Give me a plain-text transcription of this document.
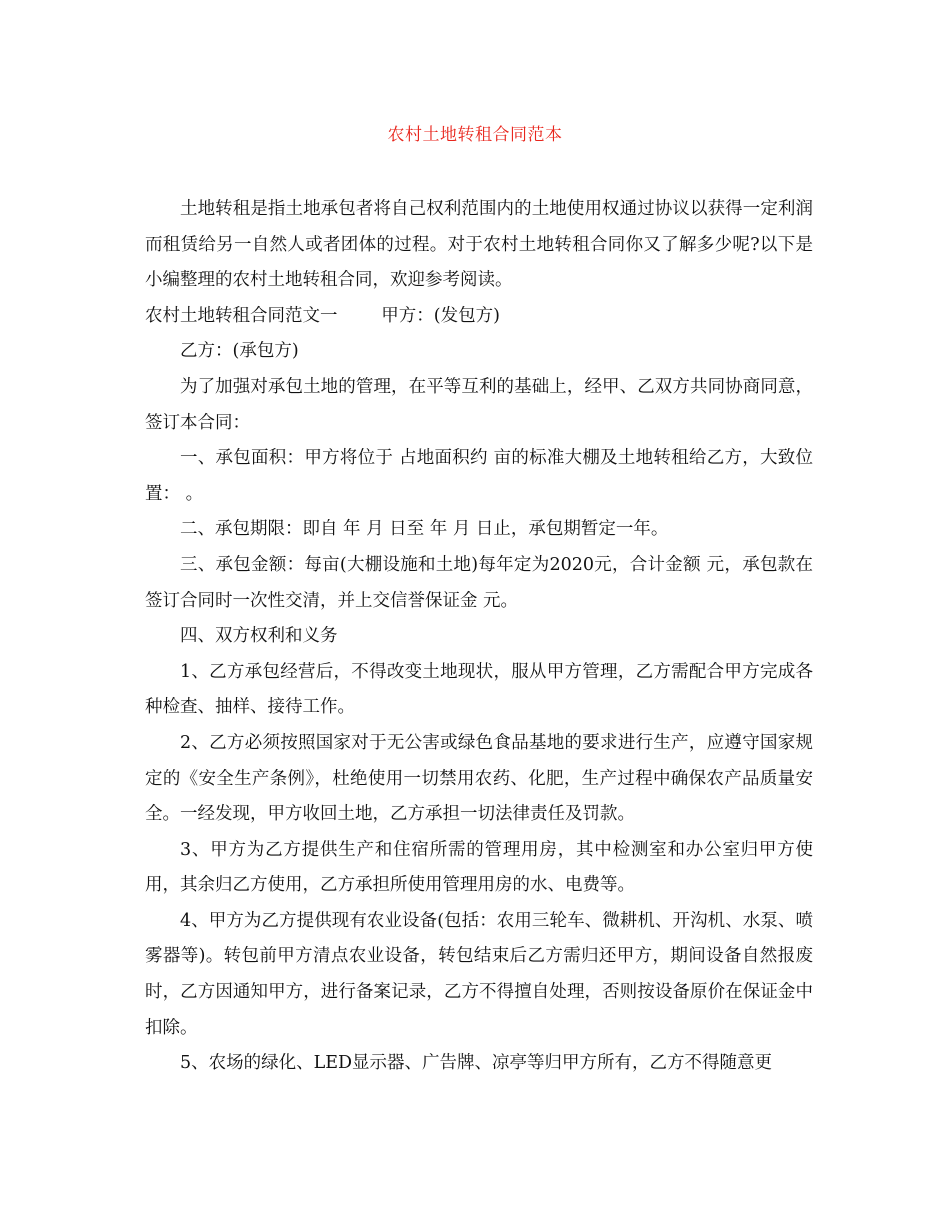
农村土地转租合同范本

土地转租是指土地承包者将自己权利范围内的土地使用权通过协议以获得一定利润而租赁给另一自然人或者团体的过程。对于农村土地转租合同你又了解多少呢?以下是小编整理的农村土地转租合同，欢迎参考阅读。

农村土地转租合同范文一	甲方：(发包方)

乙方：(承包方)

为了加强对承包土地的管理，在平等互利的基础上，经甲、乙双方共同协商同意，签订本合同：

一、承包面积：甲方将位于 占地面积约 亩的标准大棚及土地转租给乙方，大致位置： 。

二、承包期限：即自 年 月 日至 年 月 日止，承包期暂定一年。

三、承包金额：每亩(大棚设施和土地)每年定为2020元，合计金额 元，承包款在签订合同时一次性交清，并上交信誉保证金 元。

四、双方权利和义务

1、乙方承包经营后，不得改变土地现状，服从甲方管理，乙方需配合甲方完成各种检查、抽样、接待工作。

2、乙方必须按照国家对于无公害或绿色食品基地的要求进行生产，应遵守国家规定的《安全生产条例》，杜绝使用一切禁用农药、化肥，生产过程中确保农产品质量安全。一经发现，甲方收回土地，乙方承担一切法律责任及罚款。

3、甲方为乙方提供生产和住宿所需的管理用房，其中检测室和办公室归甲方使用，其余归乙方使用，乙方承担所使用管理用房的水、电费等。

4、甲方为乙方提供现有农业设备(包括：农用三轮车、微耕机、开沟机、水泵、喷雾器等)。转包前甲方清点农业设备，转包结束后乙方需归还甲方，期间设备自然报废时，乙方因通知甲方，进行备案记录，乙方不得擅自处理，否则按设备原价在保证金中扣除。

5、农场的绿化、LED显示器、广告牌、凉亭等归甲方所有，乙方不得随意更
